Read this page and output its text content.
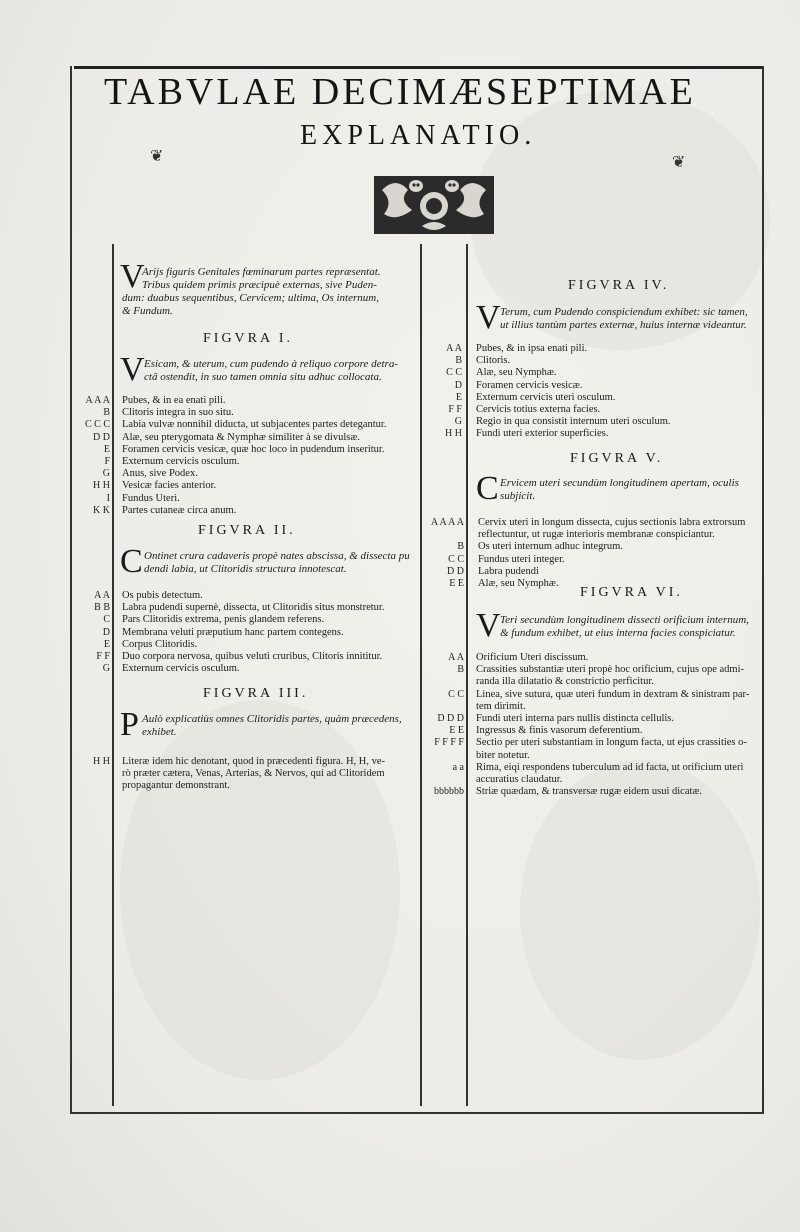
TABVLAE DECIMÆSEPTIMAE
EXPLANATIO.
❦	❦
V
Arijs figuris Genitales fœminarum partes repræsentat.
Tribus quidem primis præcipuè externas, sive Puden-
dum: duabus sequentibus, Cervicem; ultima, Os internum,
& Fundum.
FIGVRA I.
V Esicam, & uterum, cum pudendo à reliquo corpore detra-
ctâ ostendit, in suo tamen omnia situ adhuc collocata.
Pubes, & in ea enati pili.
Clitoris integra in suo situ.
Labia vulvæ nonnihil diducta, ut subjacentes partes detegantur.
Alæ, seu pterygomata & Nymphæ similiter à se divulsæ.
Foramen cervicis vesicæ, quæ hoc loco in pudendum inseritur.
Externum cervicis osculum.
Anus, sive Podex.
Vesicæ facies anterior.
Fundus Uteri.
Partes cutaneæ circa anum.
A A A
B
C C C
D D
E
F
G
H H
I
K K
FIGVRA II.
C Ontinet crura cadaveris propè nates abscissa, & dissecta pu
dendi labia, ut Clitoridis structura innotescat.
Os pubis detectum.
Labra pudendi supernè, dissecta, ut Clitoridis situs monstretur.
Pars Clitoridis extrema, penis glandem referens.
Membrana veluti præputium hanc partem contegens.
Corpus Clitoridis.
Duo corpora nervosa, quibus veluti cruribus, Clitoris innititur.
Externum cervicis osculum.
A A
B B
C
D
E
F F
G
FIGVRA III.
P Aulò explicatiùs omnes Clitoridis partes, quàm præcedens,
exhibet.
Literæ idem hic denotant, quod in præcedenti figura. H, H, ve-
rò præter cætera, Venas, Arterias, & Nervos, qui ad Clitoridem
propagantur demonstrant.
H H
FIGVRA IV.
V Terum, cum Pudendo conspiciendum exhibet: sic tamen,
ut illius tantùm partes externæ, huius internæ videantur.
Pubes, & in ipsa enati pili.
Clitoris.
Alæ, seu Nymphæ.
Foramen cervicis vesicæ.
Externum cervicis uteri osculum.
Cervicis totius externa facies.
Regio in qua consistit internum uteri osculum.
Fundi uteri exterior superficies.
A A
B
C C
D
E
F F
G
H H
FIGVRA V.
C Ervicem uteri secundùm longitudinem apertam, oculis
subjicit.
Cervix uteri in longum dissecta, cujus sectionis labra extrorsum
reflectuntur, ut rugæ interioris membranæ conspiciantur.
Os uteri internum adhuc integrum.
Fundus uteri integer.
Labra pudendi
Alæ, seu Nymphæ.
A A A A
B
C C
D D
E E
FIGVRA VI.
V Teri secundùm longitudinem dissecti orificium internum,
& fundum exhibet, ut eius interna facies conspiciatur.
Orificium Uteri discissum.
Crassities substantiæ uteri propè hoc orificium, cujus ope admi-
randa illa dilatatio & constrictio perficitur.
Linea, sive sutura, quæ uteri fundum in dextram & sinistram par-
tem dirimit.
Fundi uteri interna pars nullis distincta cellulis.
Ingressus & finis vasorum deferentium.
Sectio per uteri substantiam in longum facta, ut ejus crassities o-
biter notetur.
Rima, eiqi respondens tuberculum ad id facta, ut orificium uteri
accuratius claudatur.
Striæ quædam, & transversæ rugæ eidem usui dicatæ.
A A
B
C C
D D D
E E
F F F F
a a
bbbbbb
